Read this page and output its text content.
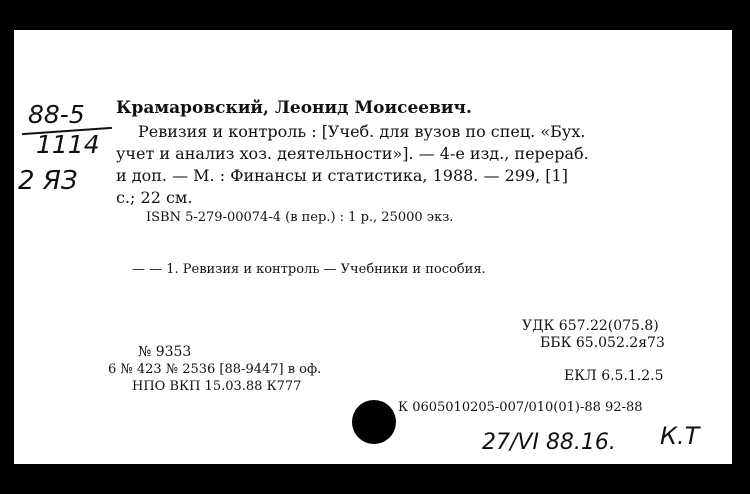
88-5
1114
2 ЯЗ
Крамаровский, Леонид Моисеевич.
Ревизия и контроль : [Учеб. для вузов по спец. «Бух.
учет и анализ хоз. деятельности»]. — 4-е изд., перераб.
и доп. — М. : Финансы и статистика, 1988. — 299, [1]
с.; 22 см.
ISBN 5-279-00074-4 (в пер.) : 1 р., 25000 экз.
— — 1. Ревизия и контроль — Учебники и пособия.
УДК 657.22(075.8)
ББК 65.052.2я73
№ 9353
6 № 423 № 2536 [88-9447] в оф.
НПО ВКП 15.03.88 К777
ЕКЛ 6.5.1.2.5
К 0605010205-007/010(01)-88 92-88
27/VI 88.16. К.Т
